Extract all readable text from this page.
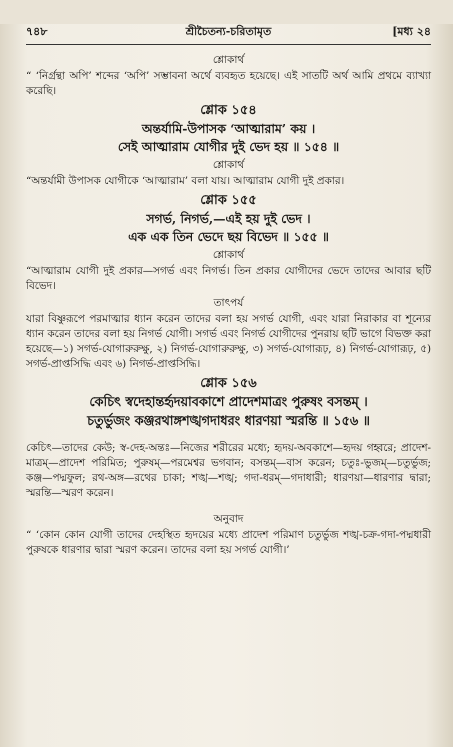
৭৪৮	শ্রীচৈতন্য-চরিতামৃত	[মধ্য ২৪
শ্লোকার্থ

“ ‘নির্গ্রন্থা অপি’ শব্দের ‘অপি’ সম্ভাবনা অর্থে ব্যবহৃত হয়েছে। এই সাতটি অর্থ আমি প্রথমে ব্যাখ্যা করেছি।

শ্লোক ১৫৪
অন্তর্যামি-উপাসক ‘আত্মারাম’ কয় ।
সেই আত্মারাম যোগীর দুই ভেদ হয় ॥ ১৫৪ ॥
শ্লোকার্থ

“অন্তর্যামী উপাসক যোগীকে ‘আত্মারাম’ বলা যায়। আত্মারাম যোগী দুই প্রকার।

শ্লোক ১৫৫
সগর্ভ, নিগর্ভ,—এই হয় দুই ভেদ ।
এক এক তিন ভেদে ছয় বিভেদ ॥ ১৫৫ ॥
শ্লোকার্থ

“আত্মারাম যোগী দুই প্রকার—সগর্ভ এবং নিগর্ভ। তিন প্রকার যোগীদের ভেদে তাদের আবার ছটি বিভেদ।

তাৎপর্য

যারা বিষ্ণুরূপে পরমাত্মার ধ্যান করেন তাদের বলা হয় সগর্ভ যোগী, এবং যারা নিরাকার বা শূন্যের ধ্যান করেন তাদের বলা হয় নিগর্ভ যোগী। সগর্ভ এবং নিগর্ভ যোগীদের পুনরায় ছটি ভাগে বিভক্ত করা হয়েছে—১) সগর্ভ-যোগারুরুক্ষু, ২) নিগর্ভ-যোগারুরুক্ষু, ৩) সগর্ভ-যোগারূঢ়, ৪) নিগর্ভ-যোগারূঢ়, ৫) সগর্ভ-প্রাপ্তসিদ্ধি এবং ৬) নিগর্ভ-প্রাপ্তসিদ্ধি।

শ্লোক ১৫৬
কেচিৎ স্বদেহান্তর্হৃদয়াবকাশে প্রাদেশমাত্রং পুরুষং বসন্তম্ ।
চতুর্ভুজং কঞ্জরথাঙ্গশঙ্খগদাধরং ধারণয়া স্মরন্তি ॥ ১৫৬ ॥

কেচিৎ—তাদের কেউ; স্ব-দেহ-অন্তঃ—নিজের শরীরের মধ্যে; হৃদয়-অবকাশে—হৃদয় গহ্বরে; প্রাদেশ-মাত্রম্—প্রাদেশ পরিমিত; পুরুষম্—পরমেশ্বর ভগবান; বসন্তম্—বাস করেন; চতুঃ-ভুজম্—চতুর্ভুজ; কঞ্জ—পদ্মফুল; রথ-অঙ্গ—রথের চাকা; শঙ্খ—শঙ্খ; গদা-ধরম্—গদাধারী; ধারণয়া—ধারণার দ্বারা; স্মরন্তি—স্মরণ করেন।

অনুবাদ

“ ‘কোন কোন যোগী তাদের দেহস্থিত হৃদয়ের মধ্যে প্রাদেশ পরিমাণ চতুর্ভুজ শঙ্খ-চক্র-গদা-পদ্মধারী পুরুষকে ধারণার দ্বারা স্মরণ করেন। তাদের বলা হয় সগর্ভ যোগী।’
